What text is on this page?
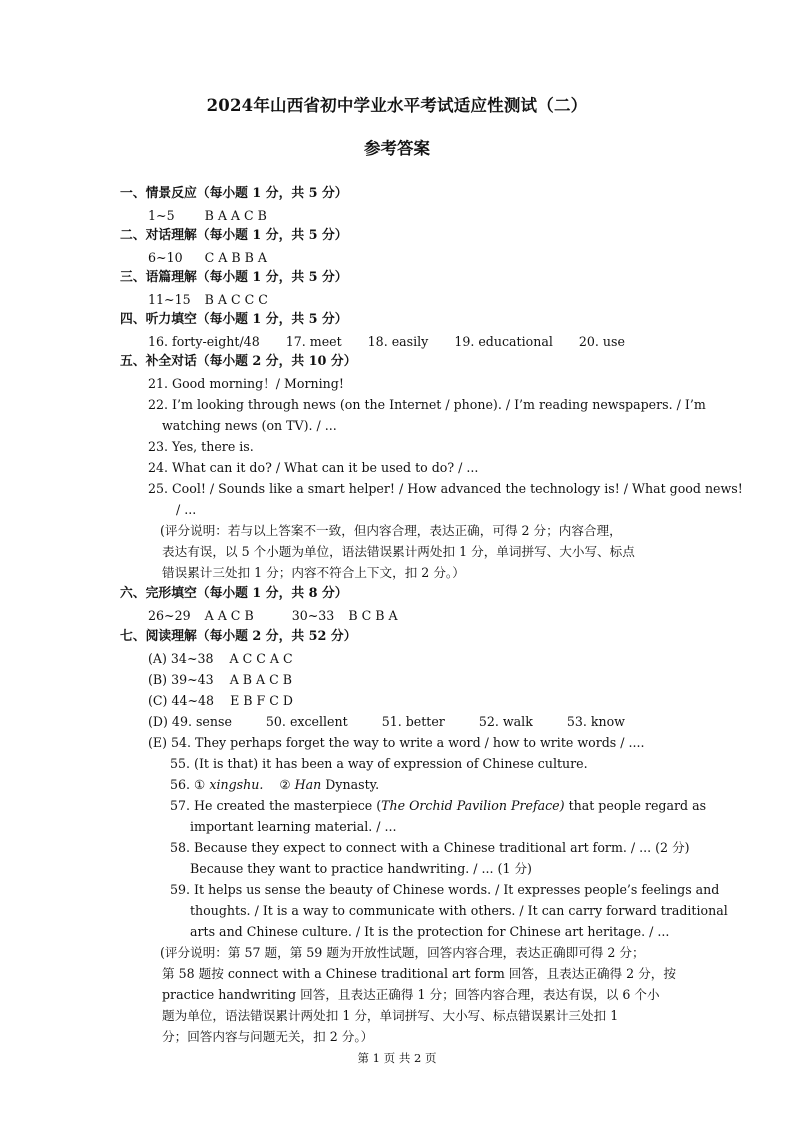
2024年山西省初中学业水平考试适应性测试（二）
参考答案
一、情景反应（每小题 1 分，共 5 分）
1~5 B A A C B
二、对话理解（每小题 1 分，共 5 分）
6~10 C A B B A
三、语篇理解（每小题 1 分，共 5 分）
11~15 B A C C C
四、听力填空（每小题 1 分，共 5 分）
16. forty-eight/48 17. meet 18. easily 19. educational 20. use
五、补全对话（每小题 2 分，共 10 分）
21. Good morning！/ Morning!
22. I’m looking through news (on the Internet / phone). / I’m reading newspapers. / I’m
watching news (on TV). / ...
23. Yes, there is.
24. What can it do? / What can it be used to do? / ...
25. Cool! / Sounds like a smart helper! / How advanced the technology is! / What good news!
/ ...
(评分说明：若与以上答案不一致，但内容合理，表达正确，可得 2 分；内容合理，
表达有误，以 5 个小题为单位，语法错误累计两处扣 1 分，单词拼写、大小写、标点
错误累计三处扣 1 分；内容不符合上下文，扣 2 分。）
六、完形填空（每小题 1 分，共 8 分）
26~29 A A C B	30~33 B C B A
七、阅读理解（每小题 2 分，共 52 分）
(A) 34~38    A C C A C
(B) 39~43    A B A C B
(C) 44~48    E B F C D
(D) 49. sense	50. excellent	51. better	52. walk	53. know
(E) 54. They perhaps forget the way to write a word / how to write words / ....
55. (It is that) it has been a way of expression of Chinese culture.
56. ① xingshu. ② Han Dynasty.
57. He created the masterpiece (The Orchid Pavilion Preface) that people regard as
important learning material. / ...
58. Because they expect to connect with a Chinese traditional art form. / ... (2 分)
Because they want to practice handwriting. / ... (1 分)
59. It helps us sense the beauty of Chinese words. / It expresses people’s feelings and
thoughts. / It is a way to communicate with others. / It can carry forward traditional
arts and Chinese culture. / It is the protection for Chinese art heritage. / ...
(评分说明：第 57 题，第 59 题为开放性试题，回答内容合理，表达正确即可得 2 分；
第 58 题按 connect with a Chinese traditional art form 回答，且表达正确得 2 分，按
practice handwriting 回答，且表达正确得 1 分；回答内容合理，表达有误，以 6 个小
题为单位，语法错误累计两处扣 1 分，单词拼写、大小写、标点错误累计三处扣 1
分；回答内容与问题无关，扣 2 分。）
第 1 页 共 2 页
